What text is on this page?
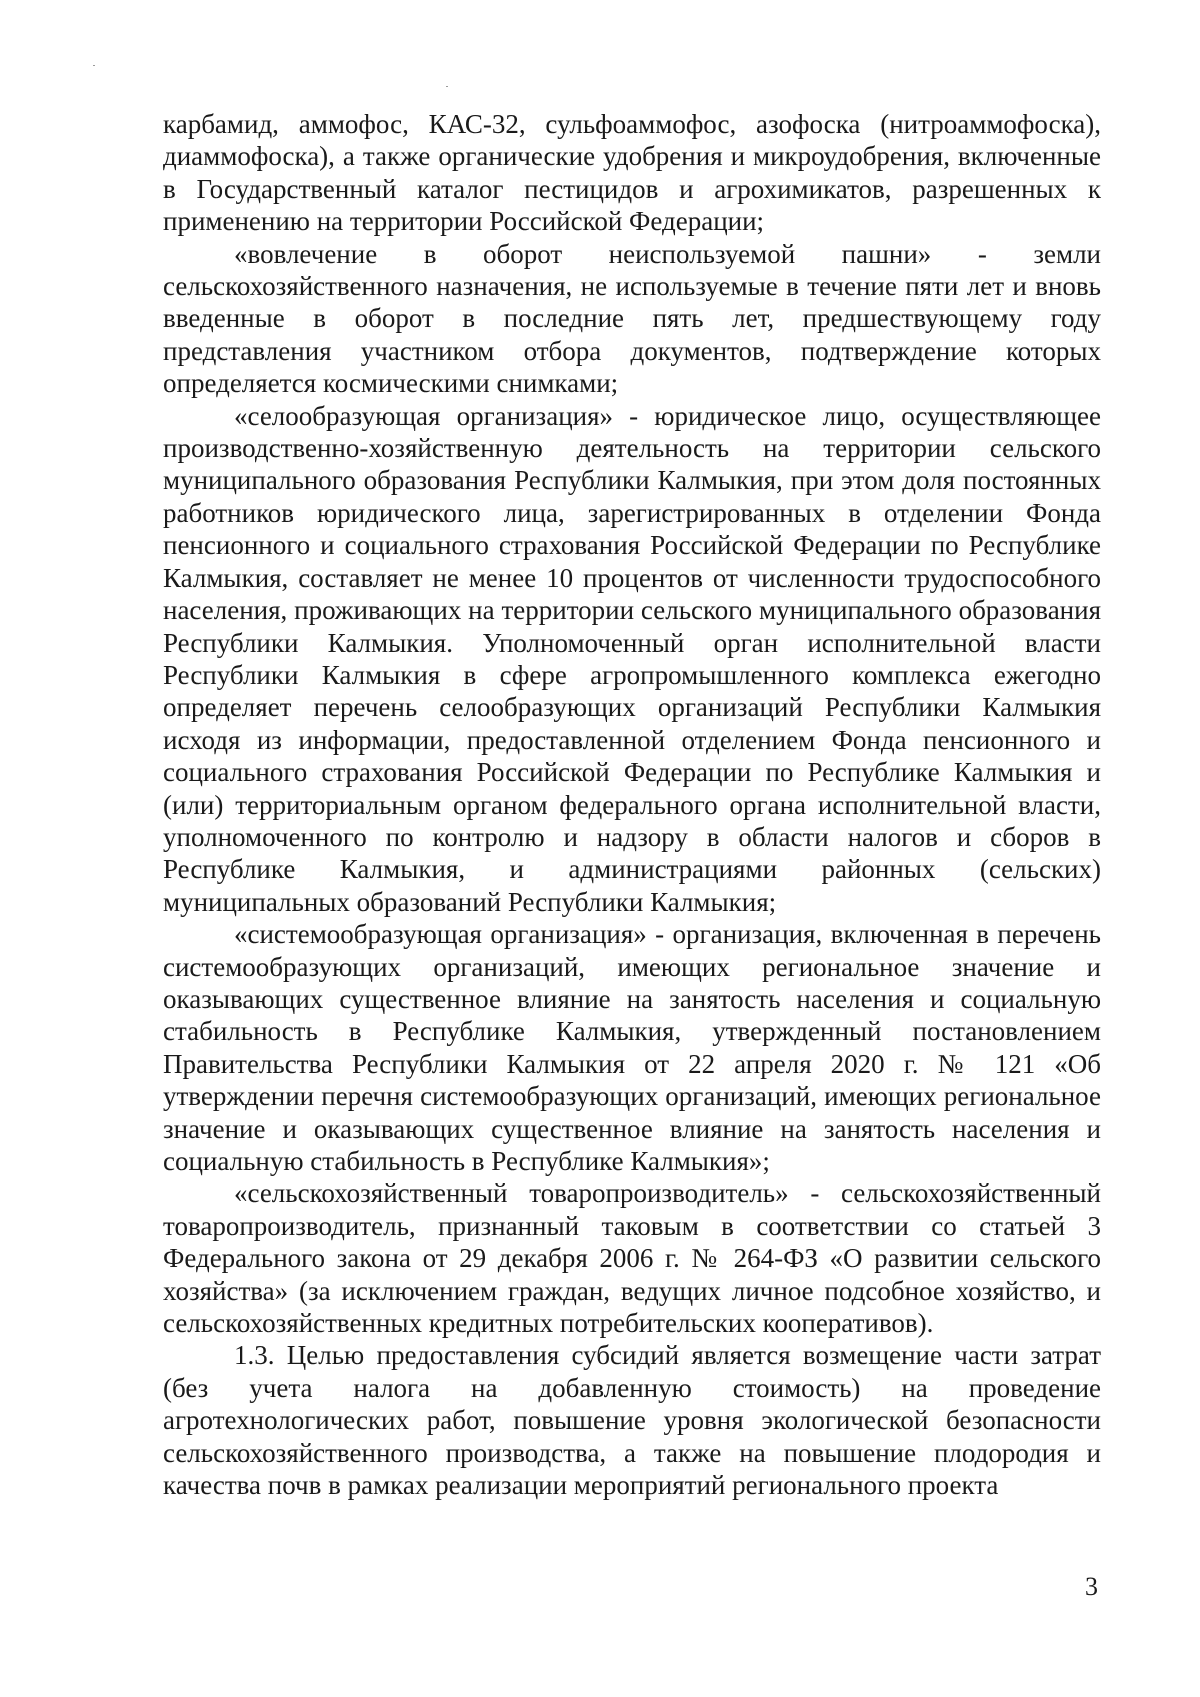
карбамид, аммофос, КАС-32, сульфоаммофос, азофоска (нитроаммофоска), диаммофоска), а также органические удобрения и микроудобрения, включенные в Государственный каталог пестицидов и агрохимикатов, разрешенных к применению на территории Российской Федерации;

«вовлечение в оборот неиспользуемой пашни» - земли сельскохозяйственного назначения, не используемые в течение пяти лет и вновь введенные в оборот в последние пять лет, предшествующему году представления участником отбора документов, подтверждение которых определяется космическими снимками;

«селообразующая организация» - юридическое лицо, осуществляющее производственно-хозяйственную деятельность на территории сельского муниципального образования Республики Калмыкия, при этом доля постоянных работников юридического лица, зарегистрированных в отделении Фонда пенсионного и социального страхования Российской Федерации по Республике Калмыкия, составляет не менее 10 процентов от численности трудоспособного населения, проживающих на территории сельского муниципального образования Республики Калмыкия. Уполномоченный орган исполнительной власти Республики Калмыкия в сфере агропромышленного комплекса ежегодно определяет перечень селообразующих организаций Республики Калмыкия исходя из информации, предоставленной отделением Фонда пенсионного и социального страхования Российской Федерации по Республике Калмыкия и (или) территориальным органом федерального органа исполнительной власти, уполномоченного по контролю и надзору в области налогов и сборов в Республике Калмыкия, и администрациями районных (сельских) муниципальных образований Республики Калмыкия;

«системообразующая организация» - организация, включенная в перечень системообразующих организаций, имеющих региональное значение и оказывающих существенное влияние на занятость населения и социальную стабильность в Республике Калмыкия, утвержденный постановлением Правительства Республики Калмыкия от 22 апреля 2020 г. № 121 «Об утверждении перечня системообразующих организаций, имеющих региональное значение и оказывающих существенное влияние на занятость населения и социальную стабильность в Республике Калмыкия»;

«сельскохозяйственный товаропроизводитель» - сельскохозяйственный товаропроизводитель, признанный таковым в соответствии со статьей 3 Федерального закона от 29 декабря 2006 г. № 264-ФЗ «О развитии сельского хозяйства» (за исключением граждан, ведущих личное подсобное хозяйство, и сельскохозяйственных кредитных потребительских кооперативов).

1.3. Целью предоставления субсидий является возмещение части затрат (без учета налога на добавленную стоимость) на проведение агротехнологических работ, повышение уровня экологической безопасности сельскохозяйственного производства, а также на повышение плодородия и качества почв в рамках реализации мероприятий регионального проекта

3
